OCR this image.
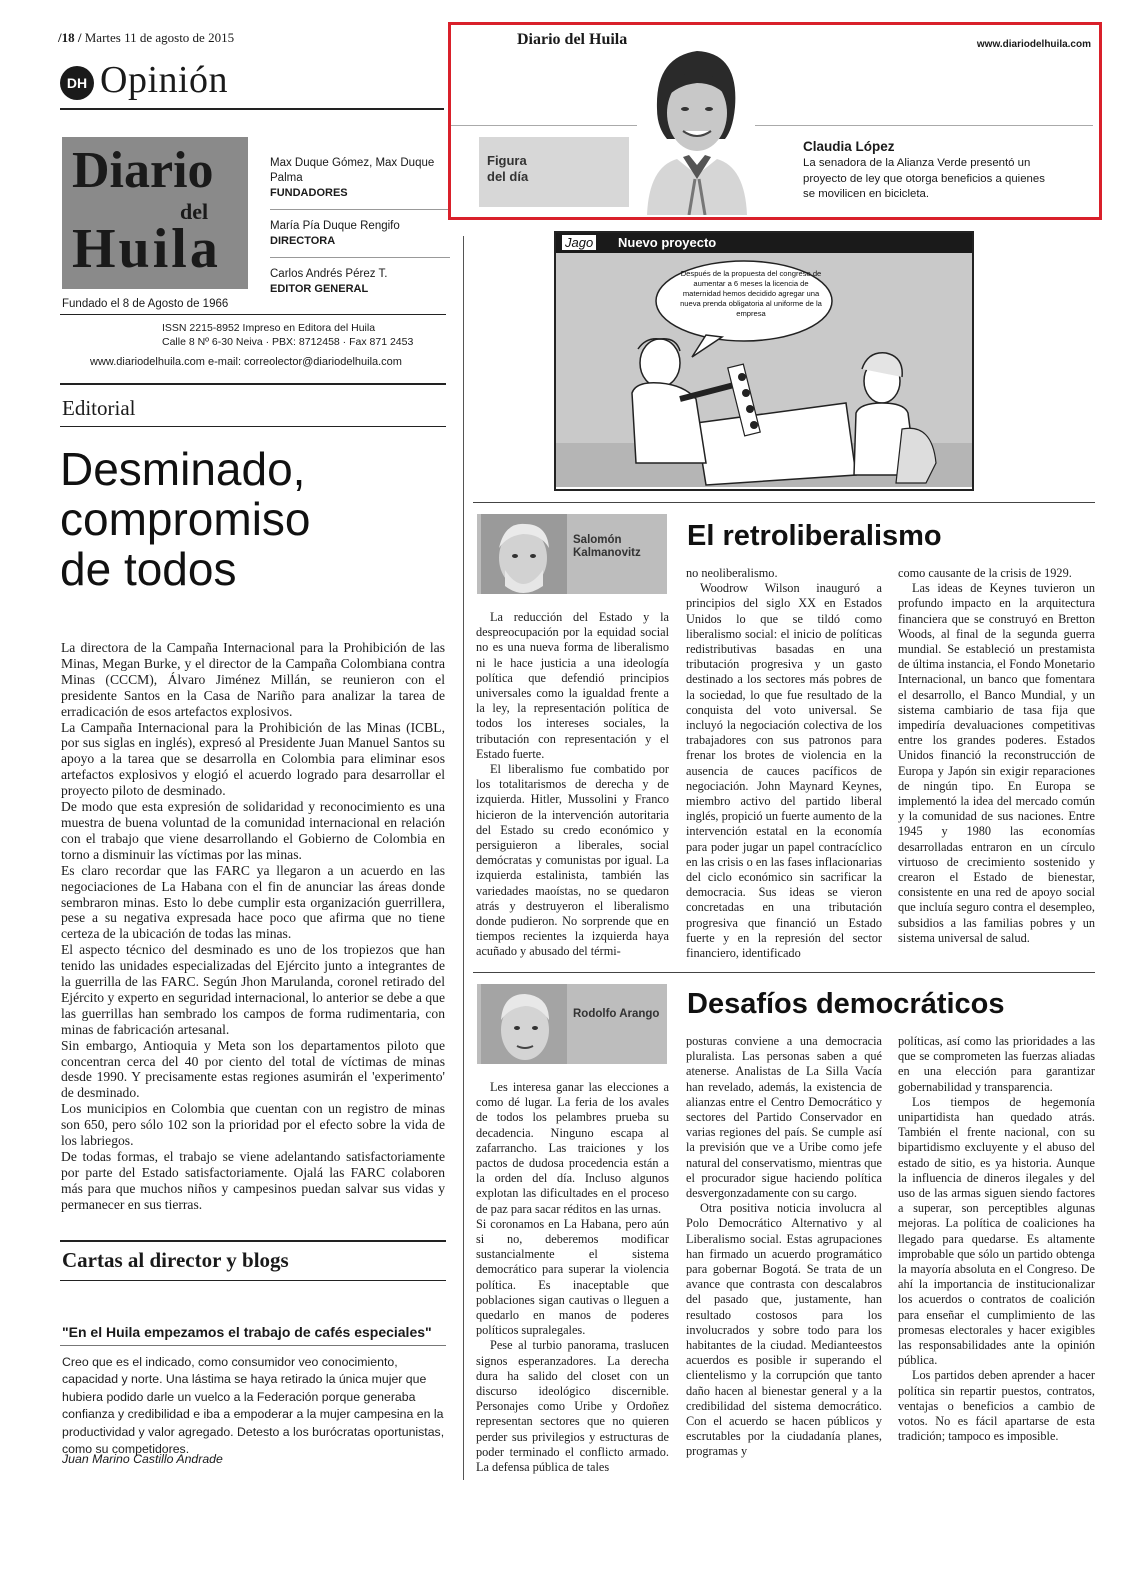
/18 / Martes 11 de agosto de 2015
DH Opinión
Diario
del
Huila
Max Duque Gómez, Max Duque Palma
FUNDADORES
María Pía Duque Rengifo
DIRECTORA
Carlos Andrés Pérez T.
EDITOR GENERAL
Fundado el 8 de Agosto de 1966
ISSN 2215-8952 Impreso en Editora del Huila
Calle 8 Nº 6-30 Neiva · PBX: 8712458 · Fax 871 2453
www.diariodelhuila.com e-mail: correolector@diariodelhuila.com
Editorial
Desminado,
compromiso
de todos

La directora de la Campaña Internacional para la Prohibición de las Minas, Megan Burke, y el director de la Campaña Colombiana contra Minas (CCCM), Álvaro Jiménez Millán, se reunieron con el presidente Santos en la Casa de Nariño para analizar la tarea de erradicación de esos artefactos explosivos.

La Campaña Internacional para la Prohibición de las Minas (ICBL, por sus siglas en inglés), expresó al Presidente Juan Manuel Santos su apoyo a la tarea que se desarrolla en Colombia para eliminar esos artefactos explosivos y elogió el acuerdo logrado para desarrollar el proyecto piloto de desminado.

De modo que esta expresión de solidaridad y reconocimiento es una muestra de buena voluntad de la comunidad internacional en relación con el trabajo que viene desarrollando el Gobierno de Colombia en torno a disminuir las víctimas por las minas.

Es claro recordar que las FARC ya llegaron a un acuerdo en las negociaciones de La Habana con el fin de anunciar las áreas donde sembraron minas. Esto lo debe cumplir esta organización guerrillera, pese a su negativa expresada hace poco que afirma que no tiene certeza de la ubicación de todas las minas.

El aspecto técnico del desminado es uno de los tropiezos que han tenido las unidades especializadas del Ejército junto a integrantes de la guerrilla de las FARC. Según Jhon Marulanda, coronel retirado del Ejército y experto en seguridad internacional, lo anterior se debe a que las guerrillas han sembrado los campos de forma rudimentaria, con minas de fabricación artesanal.

Sin embargo, Antioquia y Meta son los departamentos piloto que concentran cerca del 40 por ciento del total de víctimas de minas desde 1990. Y precisamente estas regiones asumirán el 'experimento' de desminado.

Los municipios en Colombia que cuentan con un registro de minas son 650, pero sólo 102 son la prioridad por el efecto sobre la vida de los labriegos.

De todas formas, el trabajo se viene adelantando satisfactoriamente por parte del Estado satisfactoriamente. Ojalá las FARC colaboren más para que muchos niños y campesinos puedan salvar sus vidas y permanecer en sus tierras.

Cartas al director y blogs
"En el Huila empezamos el trabajo de cafés especiales"
Creo que es el indicado, como consumidor veo conocimiento, capacidad y norte. Una lástima se haya retirado la única mujer que hubiera podido darle un vuelco a la Federación porque generaba confianza y credibilidad e iba a empoderar a la mujer campesina en la productividad y valor agregado. Detesto a los burócratas oportunistas, como su competidores.
Juan Marino Castillo Andrade
Diario del Huila	www.diariodelhuila.com
Figura
del día
Claudia López
La senadora de la Alianza Verde presentó un proyecto de ley que otorga beneficios a quienes se movilicen en bicicleta.
Jago Nuevo proyecto
Después de la propuesta del congreso de aumentar a 6 meses la licencia de maternidad hemos decidido agregar una nueva prenda obligatoria al uniforme de la empresa
Salomón Kalmanovitz
El retroliberalismo

La reducción del Estado y la despreocupación por la equidad social no es una nueva forma de liberalismo ni le hace justicia a una ideología política que defendió principios universales como la igualdad frente a la ley, la representación política de todos los intereses sociales, la tributación con representación y el Estado fuerte.

El liberalismo fue combatido por los totalitarismos de derecha y de izquierda. Hitler, Mussolini y Franco hicieron de la intervención autoritaria del Estado su credo económico y persiguieron a liberales, social demócratas y comunistas por igual. La izquierda estalinista, también las variedades maoístas, no se quedaron atrás y destruyeron el liberalismo donde pudieron. No sorprende que en tiempos recientes la izquierda haya acuñado y abusado del térmi-

no neoliberalismo.

Woodrow Wilson inauguró a principios del siglo XX en Estados Unidos lo que se tildó como liberalismo social: el inicio de políticas redistributivas basadas en una tributación progresiva y un gasto destinado a los sectores más pobres de la sociedad, lo que fue resultado de la conquista del voto universal. Se incluyó la negociación colectiva de los trabajadores con sus patronos para frenar los brotes de violencia en la ausencia de cauces pacíficos de negociación. John Maynard Keynes, miembro activo del partido liberal inglés, propició un fuerte aumento de la intervención estatal en la economía para poder jugar un papel contracíclico en las crisis o en las fases inflacionarias del ciclo económico sin sacrificar la democracia. Sus ideas se vieron concretadas en una tributación progresiva que financió un Estado fuerte y en la represión del sector financiero, identificado

como causante de la crisis de 1929.

Las ideas de Keynes tuvieron un profundo impacto en la arquitectura financiera que se construyó en Bretton Woods, al final de la segunda guerra mundial. Se estableció un prestamista de última instancia, el Fondo Monetario Internacional, un banco que fomentara el desarrollo, el Banco Mundial, y un sistema cambiario de tasa fija que impediría devaluaciones competitivas entre los grandes poderes. Estados Unidos financió la reconstrucción de Europa y Japón sin exigir reparaciones de ningún tipo. En Europa se implementó la idea del mercado común y la comunidad de sus naciones. Entre 1945 y 1980 las economías desarrolladas entraron en un círculo virtuoso de crecimiento sostenido y crearon el Estado de bienestar, consistente en una red de apoyo social que incluía seguro contra el desempleo, subsidios a las familias pobres y un sistema universal de salud.

Rodolfo Arango Desafíos democráticos

Les interesa ganar las elecciones a como dé lugar. La feria de los avales de todos los pelambres prueba su decadencia. Ninguno escapa al zafarrancho. Las traiciones y los pactos de dudosa procedencia están a la orden del día. Incluso algunos explotan las dificultades en el proceso de paz para sacar réditos en las urnas.

Si coronamos en La Habana, pero aún si no, deberemos modificar sustancialmente el sistema democrático para superar la violencia política. Es inaceptable que poblaciones sigan cautivas o lleguen a quedarlo en manos de poderes políticos supralegales.

Pese al turbio panorama, traslucen signos esperanzadores. La derecha dura ha salido del closet con un discurso ideológico discernible. Personajes como Uribe y Ordoñez representan sectores que no quieren perder sus privilegios y estructuras de poder terminado el conflicto armado. La defensa pública de tales

posturas conviene a una democracia pluralista. Las personas saben a qué atenerse. Analistas de La Silla Vacía han revelado, además, la existencia de alianzas entre el Centro Democrático y sectores del Partido Conservador en varias regiones del país. Se cumple así la previsión que ve a Uribe como jefe natural del conservatismo, mientras que el procurador sigue haciendo política desvergonzadamente con su cargo.

Otra positiva noticia involucra al Polo Democrático Alternativo y al Liberalismo social. Estas agrupaciones han firmado un acuerdo programático para gobernar Bogotá. Se trata de un avance que contrasta con descalabros del pasado que, justamente, han resultado costosos para los involucrados y sobre todo para los habitantes de la ciudad. Medianteestos acuerdos es posible ir superando el clientelismo y la corrupción que tanto daño hacen al bienestar general y a la credibilidad del sistema democrático. Con el acuerdo se hacen públicos y escrutables por la ciudadanía planes, programas y

políticas, así como las prioridades a las que se comprometen las fuerzas aliadas en una elección para garantizar gobernabilidad y transparencia.

Los tiempos de hegemonía unipartidista han quedado atrás. También el frente nacional, con su bipartidismo excluyente y el abuso del estado de sitio, es ya historia. Aunque la influencia de dineros ilegales y del uso de las armas siguen siendo factores a superar, son perceptibles algunas mejoras. La política de coaliciones ha llegado para quedarse. Es altamente improbable que sólo un partido obtenga la mayoría absoluta en el Congreso. De ahí la importancia de institucionalizar los acuerdos o contratos de coalición para enseñar el cumplimiento de las promesas electorales y hacer exigibles las responsabilidades ante la opinión pública.

Los partidos deben aprender a hacer política sin repartir puestos, contratos, ventajas o beneficios a cambio de votos. No es fácil apartarse de esta tradición; tampoco es imposible.
